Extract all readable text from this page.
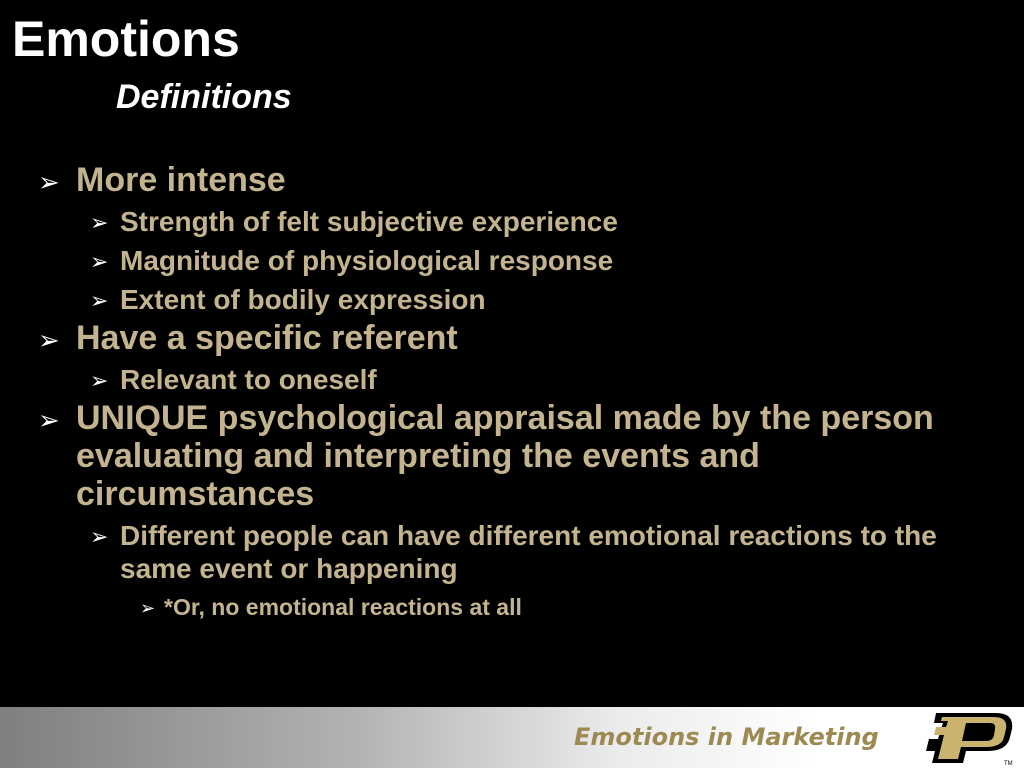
Emotions
Definitions
➢ More intense
➢ Strength of felt subjective experience
➢ Magnitude of physiological response
➢ Extent of bodily expression
➢ Have a specific referent
➢ Relevant to oneself
➢ UNIQUE psychological appraisal made by the person evaluating and interpreting the events and circumstances
➢ Different people can have different emotional reactions to the same event or happening
➢ *Or, no emotional reactions at all
Emotions in Marketing
TM
